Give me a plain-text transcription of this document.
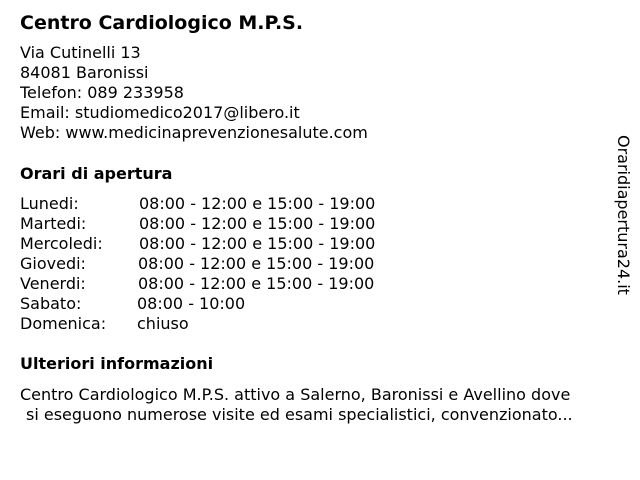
Centro Cardiologico M.P.S.
Via Cutinelli 13
84081 Baronissi
Telefon: 089 233958
Email: studiomedico2017@libero.it
Web: www.medicinaprevenzionesalute.com
Orari di apertura
Lunedi:	08:00 - 12:00 e 15:00 - 19:00
Martedi:	08:00 - 12:00 e 15:00 - 19:00
Mercoledi: 08:00 - 12:00 e 15:00 - 19:00
Giovedi:	08:00 - 12:00 e 15:00 - 19:00
Venerdi:	08:00 - 12:00 e 15:00 - 19:00
Sabato:	08:00 - 10:00
Domenica: chiuso
Ulteriori informazioni
Centro Cardiologico M.P.S. attivo a Salerno, Baronissi e Avellino dove
si eseguono numerose visite ed esami specialistici, convenzionato...
Oraridiapertura24.it
